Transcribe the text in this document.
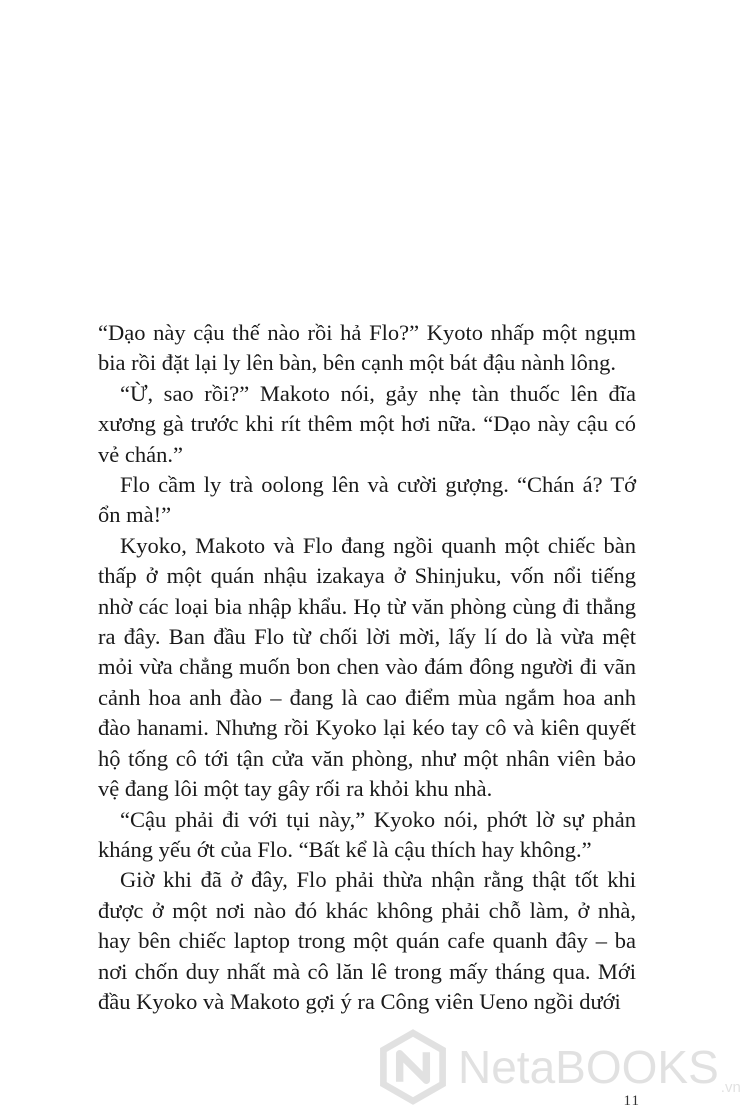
“Dạo này cậu thế nào rồi hả Flo?” Kyoto nhấp một ngụm bia rồi đặt lại ly lên bàn, bên cạnh một bát đậu nành lông.

“Ừ, sao rồi?” Makoto nói, gảy nhẹ tàn thuốc lên đĩa xương gà trước khi rít thêm một hơi nữa. “Dạo này cậu có vẻ chán.”

Flo cầm ly trà oolong lên và cười gượng. “Chán á? Tớ ổn mà!”

Kyoko, Makoto và Flo đang ngồi quanh một chiếc bàn thấp ở một quán nhậu izakaya ở Shinjuku, vốn nổi tiếng nhờ các loại bia nhập khẩu. Họ từ văn phòng cùng đi thẳng ra đây. Ban đầu Flo từ chối lời mời, lấy lí do là vừa mệt mỏi vừa chẳng muốn bon chen vào đám đông người đi vãn cảnh hoa anh đào – đang là cao điểm mùa ngắm hoa anh đào hanami. Nhưng rồi Kyoko lại kéo tay cô và kiên quyết hộ tống cô tới tận cửa văn phòng, như một nhân viên bảo vệ đang lôi một tay gây rối ra khỏi khu nhà.

“Cậu phải đi với tụi này,” Kyoko nói, phớt lờ sự phản kháng yếu ớt của Flo. “Bất kể là cậu thích hay không.”

Giờ khi đã ở đây, Flo phải thừa nhận rằng thật tốt khi được ở một nơi nào đó khác không phải chỗ làm, ở nhà, hay bên chiếc laptop trong một quán cafe quanh đây – ba nơi chốn duy nhất mà cô lăn lê trong mấy tháng qua. Mới đầu Kyoko và Makoto gợi ý ra Công viên Ueno ngồi dưới

NetaBOOKS .vn
11
